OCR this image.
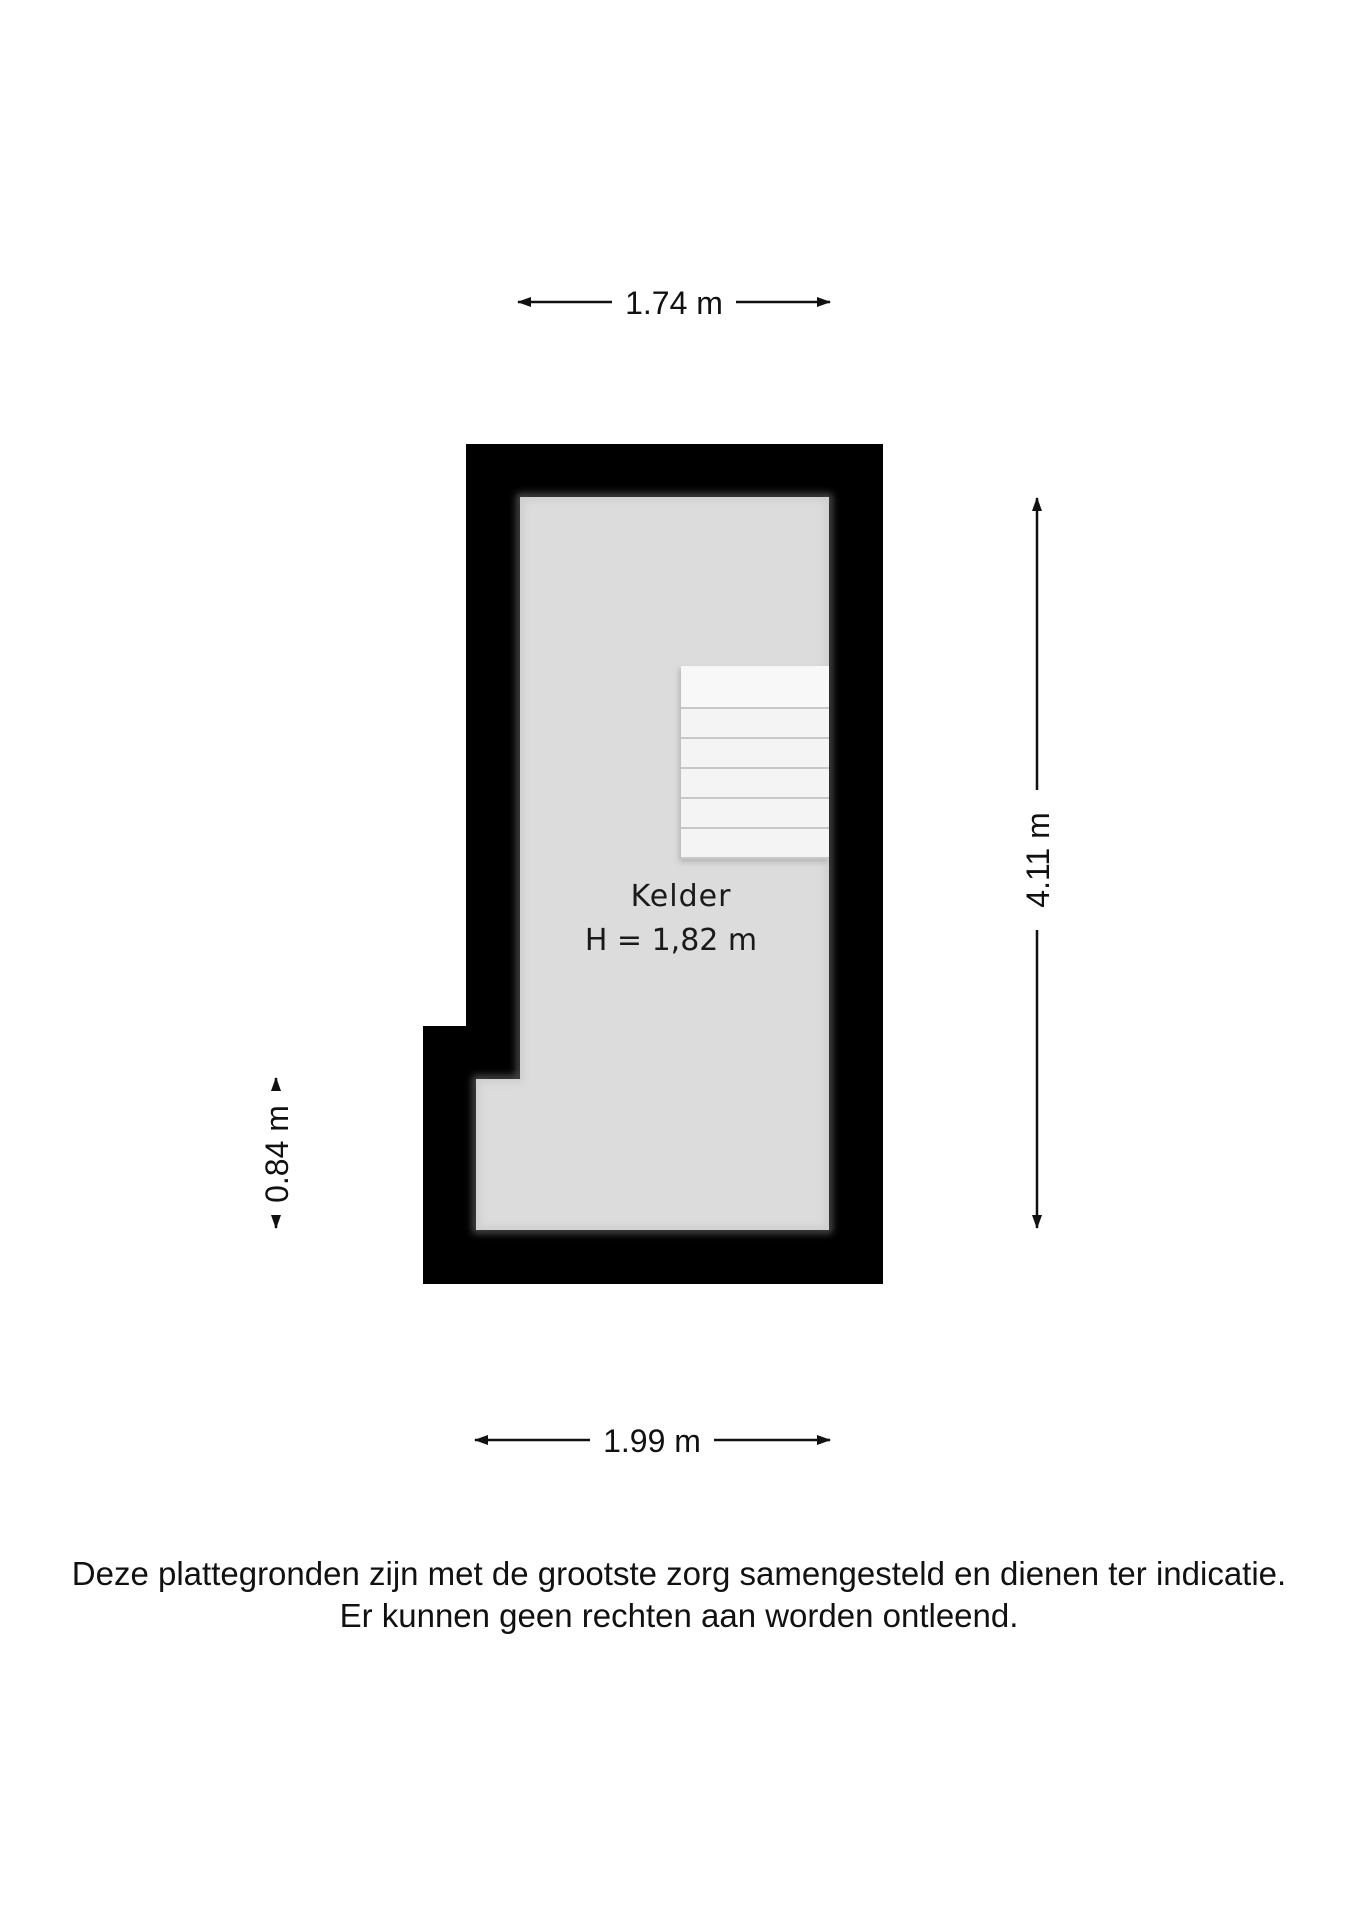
Kelder
H = 1,82 m
1.74 m
1.99 m
4.11 m
0.84 m

Deze plattegronden zijn met de grootste zorg samengesteld en dienen ter indicatie.

Er kunnen geen rechten aan worden ontleend.
